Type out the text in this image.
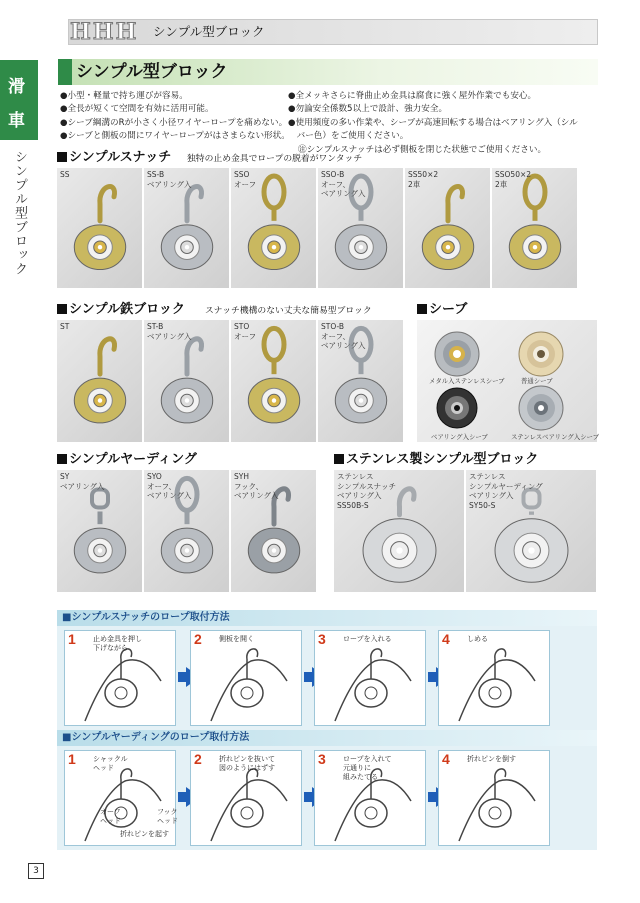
HHH シンプル型ブロック
滑
車
シンプル型ブロック
シンプル型ブロック
●小型・軽量で持ち運びが容易。
●全長が短くて空間を有効に活用可能。
●シーブ綱溝のRが小さく小径ワイヤーロープを痛めない。
●シーブと側板の間にワイヤーロープがはさまらない形状。
●全メッキさらに脊曲止め金具は腐食に強く屋外作業でも安心。
●勿論安全係数5以上で設計、強力安全。
●使用頻度の多い作業や、シーブが高速回転する場合はベアリング入（シル
　バー色）をご使用ください。
㊟シンプルスナッチは必ず側板を閉じた状態でご使用ください。
シンプルスナッチ 独特の止め金具でロープの脱着がワンタッチ
SS	SS-B
ベアリング入
SSO
オーフ
SSO-B
オーフ、
ベアリング入
SS50×2
2車
SSO50×2
2車
シンプル鉄ブロック スナッチ機構のない丈夫な簡易型ブロック
ST	ST-B
ベアリング入
STO
オーフ
STO-B
オーフ、
ベアリング入
シーブ
メタル入ステンレスシーブ	普通シーブ
ベアリング入シーブ	ステンレスベアリング入シーブ
シンプルヤーディング
SY
ベアリング入
SYO
オーフ、
ベアリング入
SYH
フック、
ベアリング入
ステンレス製シンプル型ブロック
ステンレス
シンプルスナッチ
ベアリング入
SS50B-S
ステンレス
シンプルヤーディング
ベアリング入
SY50-S
■シンプルスナッチのロープ取付方法
1 止め金具を押し
下げながら
2 側板を開く	3 ロープを入れる	4 しめる
■シンプルヤーディングのロープ取付方法
1 シャックル
ヘッド
2 折れピンを抜いて
図のようにはずす
3 ロープを入れて
元通りに
組みたてる
4 折れピンを倒す
オーフ
ヘッド
フック
ヘッド
折れピンを起す
3
